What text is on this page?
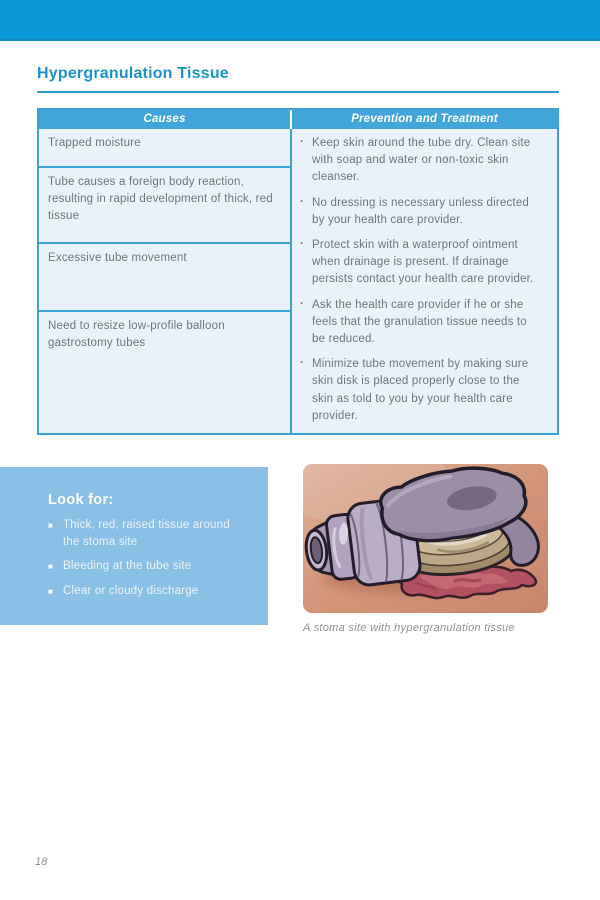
Hypergranulation Tissue
Causes	Prevention and Treatment
Trapped moisture
Tube causes a foreign body reaction, resulting in rapid development of thick, red tissue
Excessive tube movement
Need to resize low-profile balloon gastrostomy tubes
· Keep skin around the tube dry. Clean site with soap and water or non-toxic skin cleanser.
· No dressing is necessary unless directed by your health care provider.
· Protect skin with a waterproof ointment when drainage is present. If drainage persists contact your health care provider.
· Ask the health care provider if he or she feels that the granulation tissue needs to be reduced.
· Minimize tube movement by making sure skin disk is placed properly close to the skin as told to you by your health care provider.
Look for:
■ Thick, red, raised tissue around the stoma site
■ Bleeding at the tube site
■ Clear or cloudy discharge
A stoma site with hypergranulation tissue
18
